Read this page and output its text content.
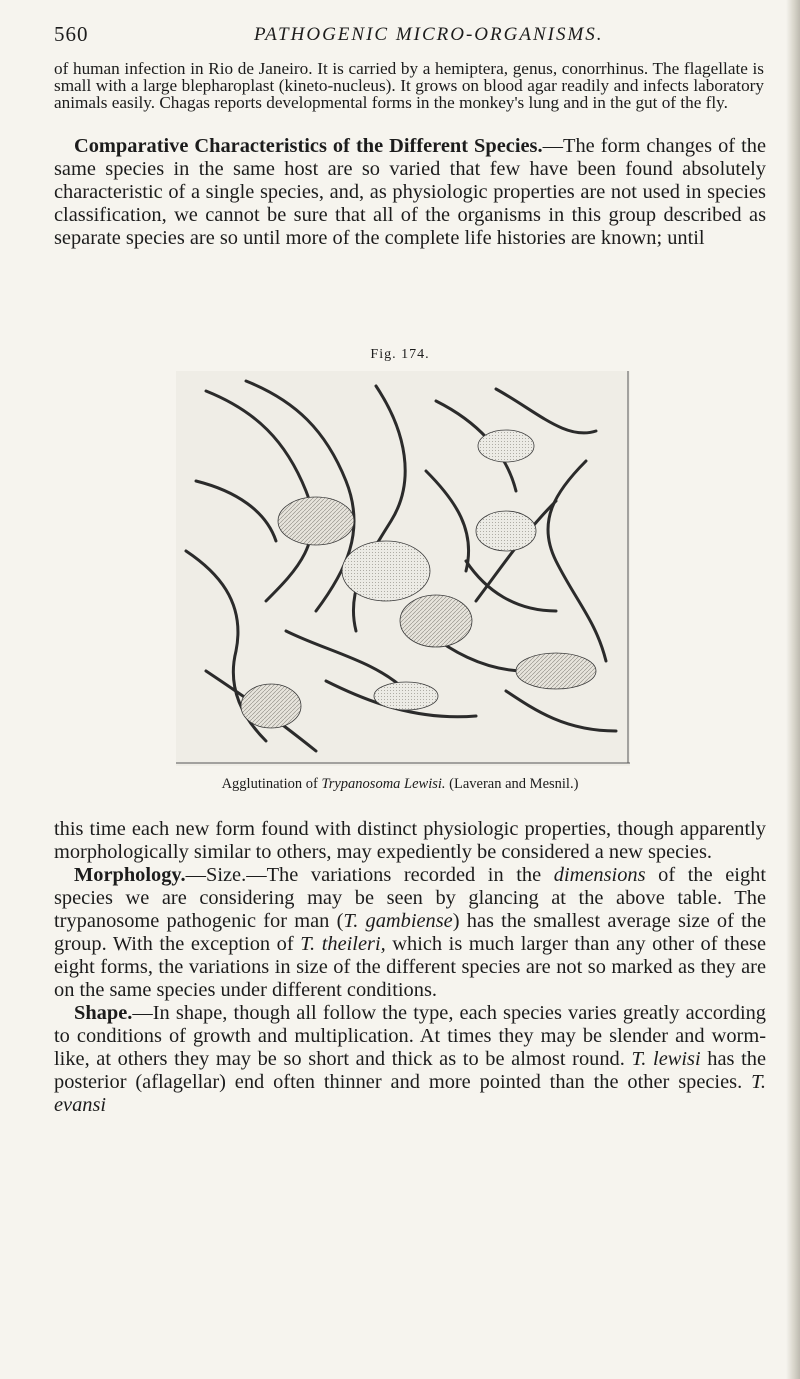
560	PATHOGENIC MICRO-ORGANISMS.

of human infection in Rio de Janeiro. It is carried by a hemiptera, genus, conorrhinus. The flagellate is small with a large blepharoplast (kineto-nucleus). It grows on blood agar readily and infects laboratory animals easily. Chagas reports developmental forms in the monkey's lung and in the gut of the fly.

Comparative Characteristics of the Different Species.—The form changes of the same species in the same host are so varied that few have been found absolutely characteristic of a single species, and, as physiologic properties are not used in species classification, we cannot be sure that all of the organisms in this group described as separate species are so until more of the complete life histories are known; until

Fig. 174.
Agglutination of Trypanosoma Lewisi. (Laveran and Mesnil.)

this time each new form found with distinct physiologic properties, though apparently morphologically similar to others, may expediently be considered a new species.

Morphology.—Size.—The variations recorded in the dimensions of the eight species we are considering may be seen by glancing at the above table. The trypanosome pathogenic for man (T. gambiense) has the smallest average size of the group. With the exception of T. theileri, which is much larger than any other of these eight forms, the variations in size of the different species are not so marked as they are on the same species under different conditions.

Shape.—In shape, though all follow the type, each species varies greatly according to conditions of growth and multiplication. At times they may be slender and worm-like, at others they may be so short and thick as to be almost round. T. lewisi has the posterior (aflagellar) end often thinner and more pointed than the other species. T. evansi
